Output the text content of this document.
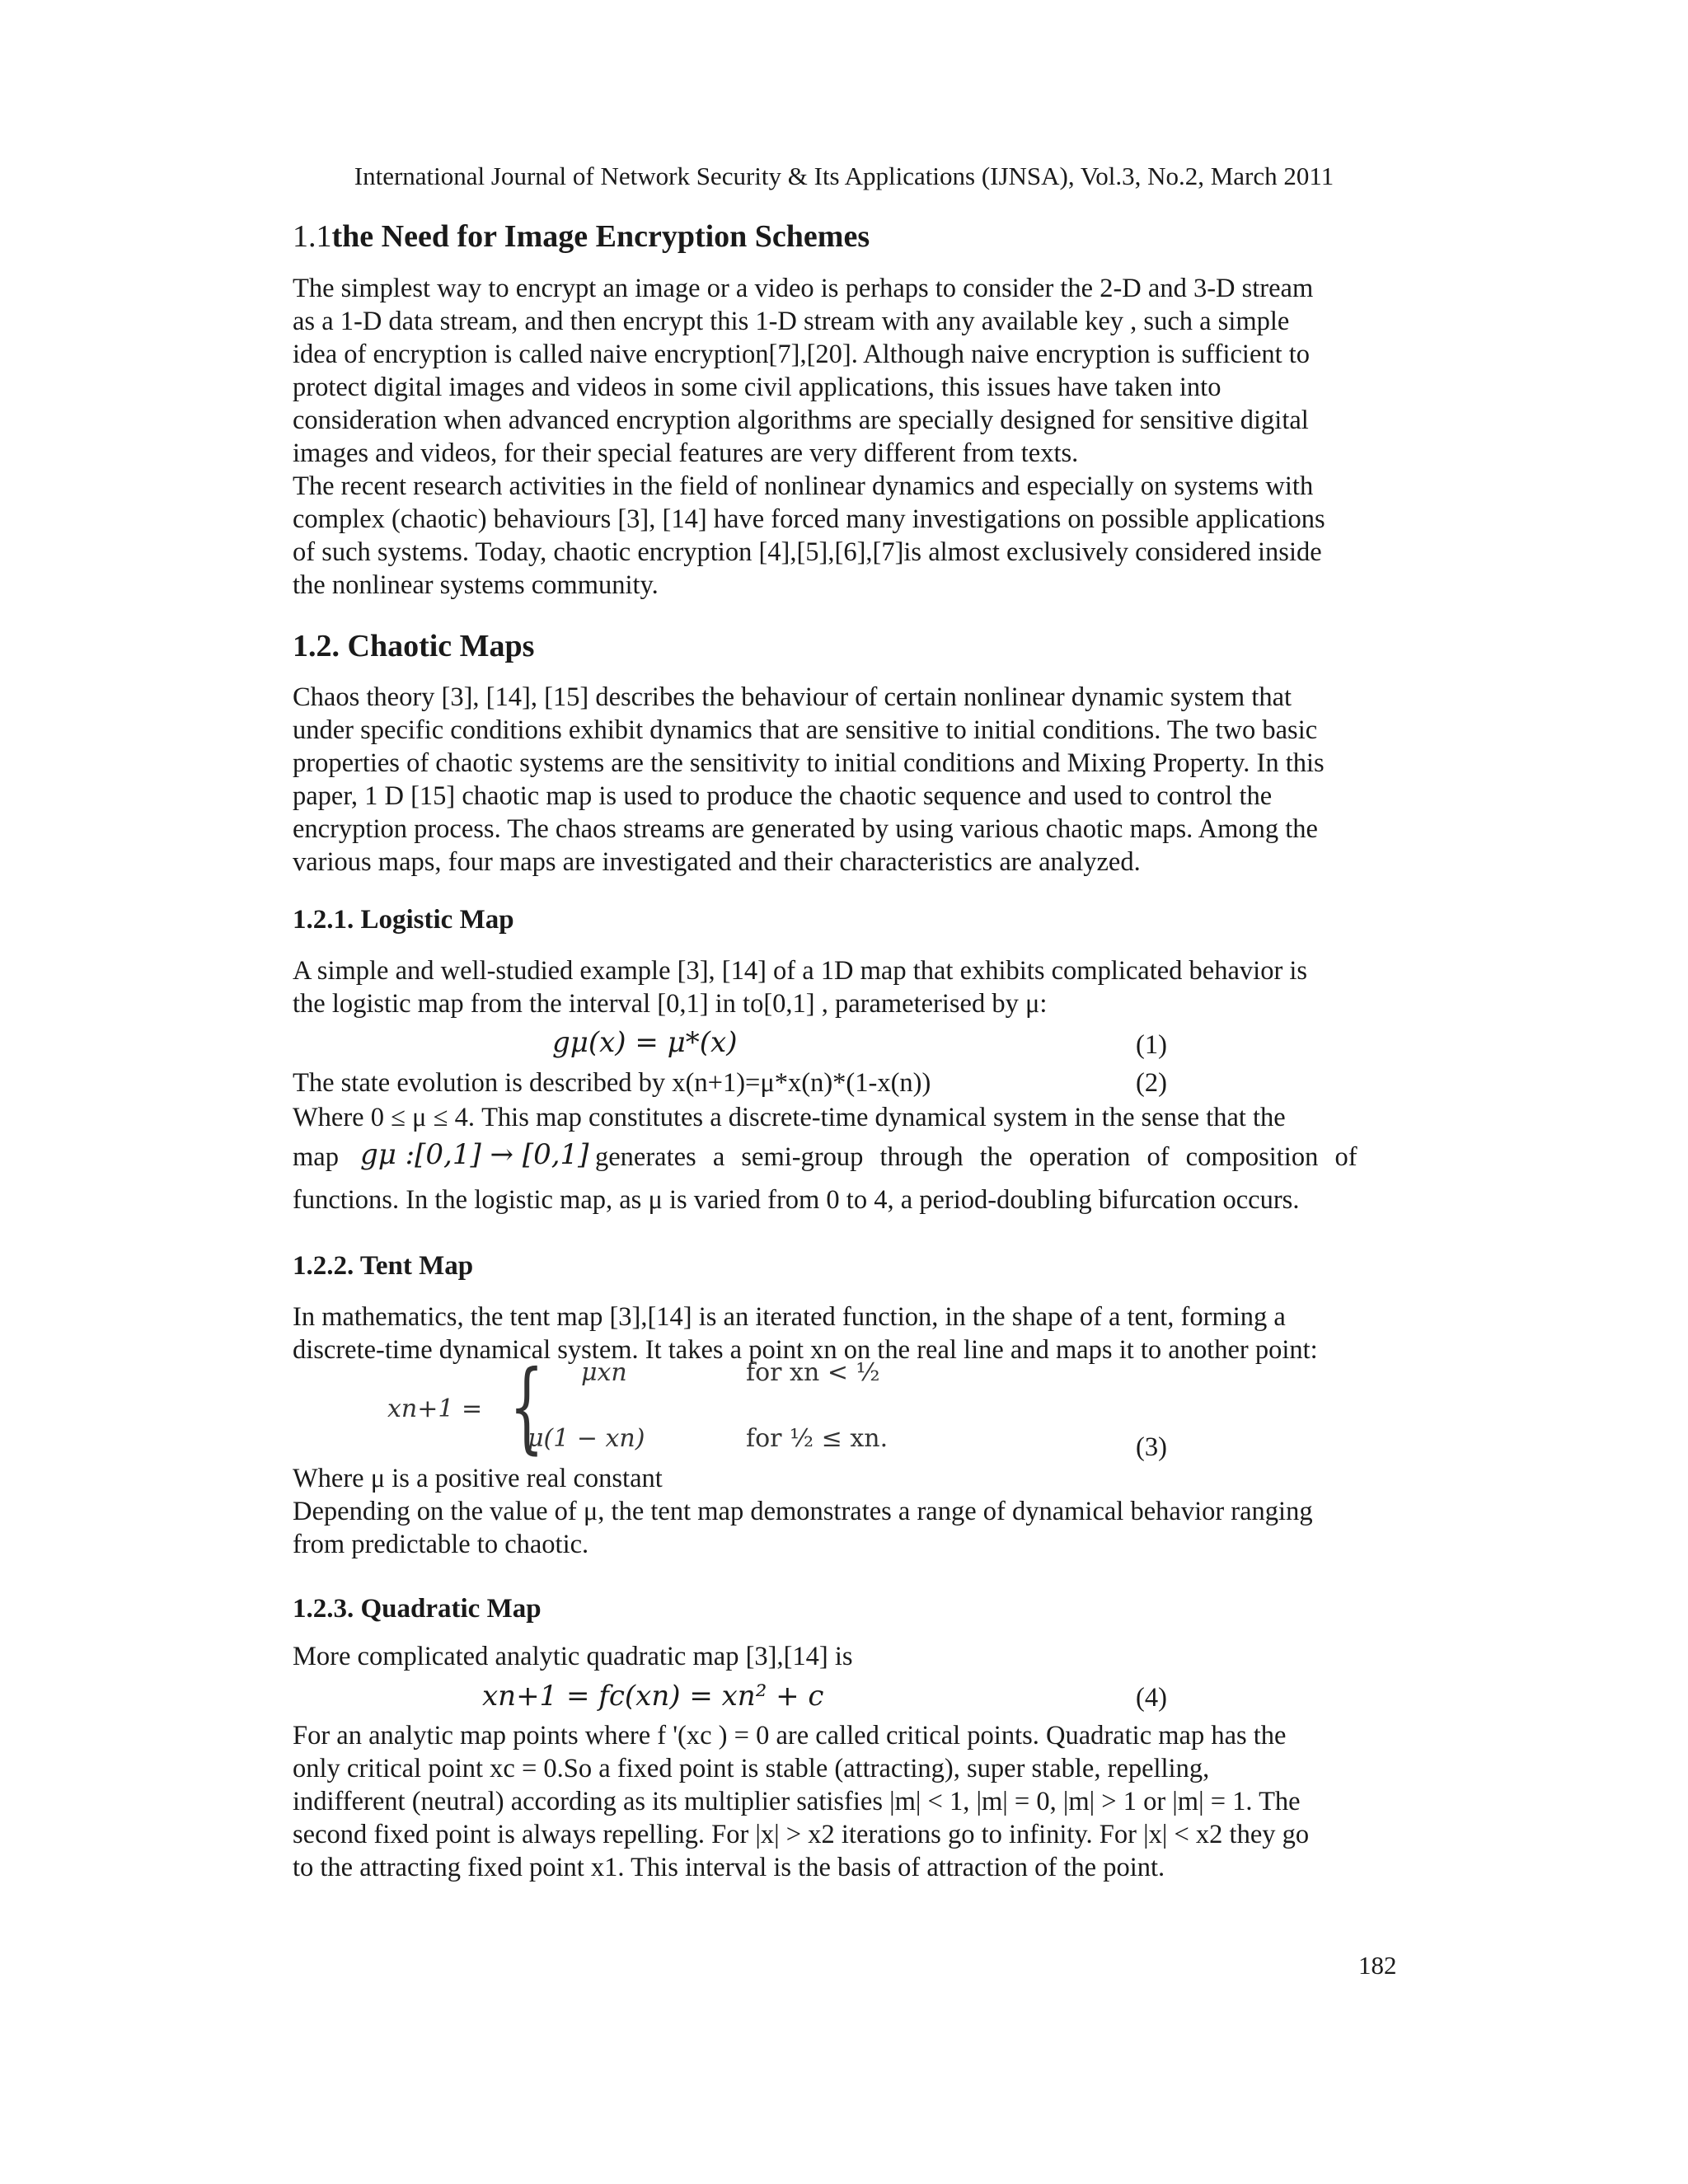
International Journal of Network Security & Its Applications (IJNSA), Vol.3, No.2, March 2011
1.1the Need for Image Encryption Schemes
The simplest way to encrypt an image or a video is perhaps to consider the 2-D and 3-D stream
as a 1-D data stream, and then encrypt this 1-D stream with any available key , such a simple
idea of encryption is called naive encryption[7],[20]. Although naive encryption is sufficient to
protect digital images and videos in some civil applications, this issues have taken into
consideration when advanced encryption algorithms are specially designed for sensitive digital
images and videos, for their special features are very different from texts.
The recent research activities in the field of nonlinear dynamics and especially on systems with
complex (chaotic) behaviours [3], [14] have forced many investigations on possible applications
of such systems. Today, chaotic encryption [4],[5],[6],[7]is almost exclusively considered inside
the nonlinear systems community.
1.2. Chaotic Maps
Chaos theory [3], [14], [15] describes the behaviour of certain nonlinear dynamic system that
under specific conditions exhibit dynamics that are sensitive to initial conditions. The two basic
properties of chaotic systems are the sensitivity to initial conditions and Mixing Property. In this
paper, 1 D [15] chaotic map is used to produce the chaotic sequence and used to control the
encryption process. The chaos streams are generated by using various chaotic maps. Among the
various maps, four maps are investigated and their characteristics are analyzed.
1.2.1. Logistic Map
A simple and well-studied example [3], [14] of a 1D map that exhibits complicated behavior is
the logistic map from the interval [0,1] in to[0,1] , parameterised by μ:
gμ(x) = μ*(x)	(1)
The state evolution is described by x(n+1)=μ*x(n)*(1-x(n))	(2)
Where 0 ≤ μ ≤ 4. This map constitutes a discrete-time dynamical system in the sense that the
map gμ :[0,1] → [0,1] generates a semi-group through the operation of composition of
functions. In the logistic map, as μ is varied from 0 to 4, a period-doubling bifurcation occurs.
1.2.2. Tent Map
In mathematics, the tent map [3],[14] is an iterated function, in the shape of a tent, forming a
discrete-time dynamical system. It takes a point xn on the real line and maps it to another point:
xn+1 = { μxn	for xn < ½
μ(1 − xn)	for ½ ≤ xn.	(3)
Where μ is a positive real constant
Depending on the value of μ, the tent map demonstrates a range of dynamical behavior ranging
from predictable to chaotic.
1.2.3. Quadratic Map
More complicated analytic quadratic map [3],[14] is
xn+1 = fc(xn) = xn² + c	(4)
For an analytic map points where f '(xc ) = 0 are called critical points. Quadratic map has the
only critical point xc = 0.So a fixed point is stable (attracting), super stable, repelling,
indifferent (neutral) according as its multiplier satisfies |m| < 1, |m| = 0, |m| > 1 or |m| = 1. The
second fixed point is always repelling. For |x| > x2 iterations go to infinity. For |x| < x2 they go
to the attracting fixed point x1. This interval is the basis of attraction of the point.
182
